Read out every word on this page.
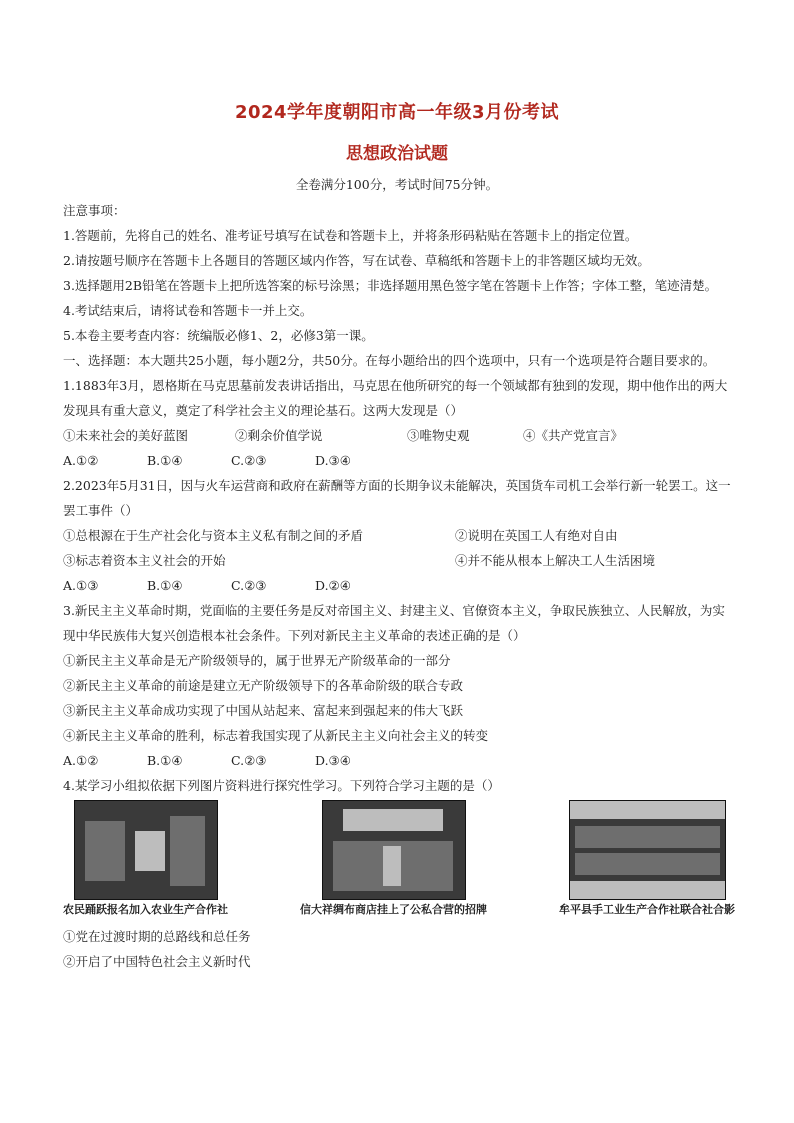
2024学年度朝阳市高一年级3月份考试
思想政治试题
全卷满分100分，考试时间75分钟。
注意事项：
1.答题前，先将自己的姓名、准考证号填写在试卷和答题卡上，并将条形码粘贴在答题卡上的指定位置。
2.请按题号顺序在答题卡上各题目的答题区域内作答，写在试卷、草稿纸和答题卡上的非答题区域均无效。
3.选择题用2B铅笔在答题卡上把所选答案的标号涂黑；非选择题用黑色签字笔在答题卡上作答；字体工整，笔迹清楚。
4.考试结束后，请将试卷和答题卡一并上交。
5.本卷主要考查内容：统编版必修1、2，必修3第一课。
一、选择题：本大题共25小题，每小题2分，共50分。在每小题给出的四个选项中，只有一个选项是符合题目要求的。
1.1883年3月，恩格斯在马克思墓前发表讲话指出，马克思在他所研究的每一个领域都有独到的发现，期中他作出的两大发现具有重大意义，奠定了科学社会主义的理论基石。这两大发现是（）
①未来社会的美好蓝图	②剩余价值学说	③唯物史观	④《共产党宣言》
A.①②	B.①④	C.②③	D.③④
2.2023年5月31日，因与火车运营商和政府在薪酬等方面的长期争议未能解决，英国货车司机工会举行新一轮罢工。这一罢工事件（）
①总根源在于生产社会化与资本主义私有制之间的矛盾	②说明在英国工人有绝对自由
③标志着资本主义社会的开始	④并不能从根本上解决工人生活困境
A.①③	B.①④	C.②③	D.②④
3.新民主主义革命时期，党面临的主要任务是反对帝国主义、封建主义、官僚资本主义，争取民族独立、人民解放，为实现中华民族伟大复兴创造根本社会条件。下列对新民主主义革命的表述正确的是（）
①新民主主义革命是无产阶级领导的，属于世界无产阶级革命的一部分
②新民主主义革命的前途是建立无产阶级领导下的各革命阶级的联合专政
③新民主主义革命成功实现了中国从站起来、富起来到强起来的伟大飞跃
④新民主主义革命的胜利，标志着我国实现了从新民主主义向社会主义的转变
A.①②	B.①④	C.②③	D.③④
4.某学习小组拟依据下列图片资料进行探究性学习。下列符合学习主题的是（）
农民踊跃报名加入农业生产合作社	信大祥绸布商店挂上了公私合营的招牌	牟平县手工业生产合作社联合社合影
①党在过渡时期的总路线和总任务
②开启了中国特色社会主义新时代
